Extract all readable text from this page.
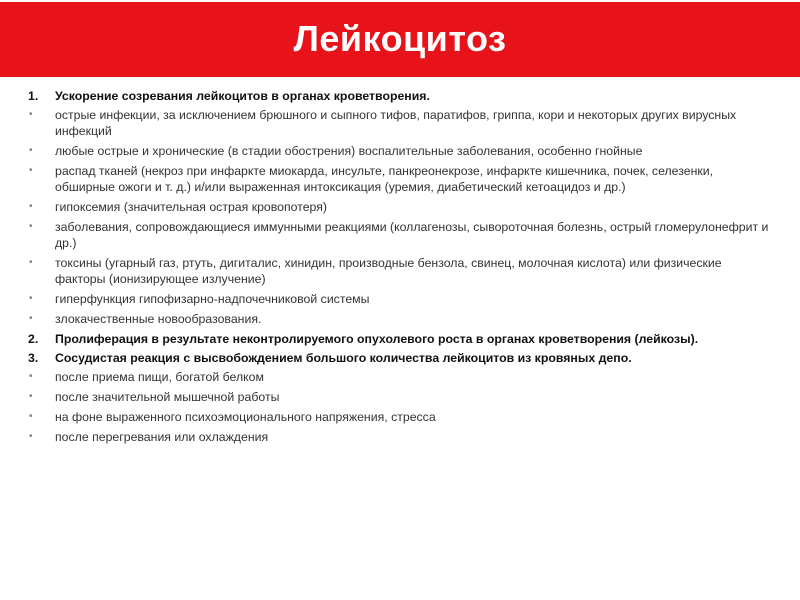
Лейкоцитоз
1.	Ускорение созревания лейкоцитов в органах кроветворения.
•	острые инфекции, за исключением брюшного и сыпного тифов, паратифов, гриппа, кори и некоторых других вирусных инфекций
•	любые острые и хронические (в стадии обострения) воспалительные заболевания, особенно гнойные
•	распад тканей (некроз при инфаркте миокарда, инсульте, панкреонекрозе, инфаркте кишечника, почек, селезенки, обширные ожоги и т. д.) и/или выраженная интоксикация (уремия, диабетический кетоацидоз и др.)
•	гипоксемия (значительная острая кровопотеря)
•	заболевания, сопровождающиеся иммунными реакциями (коллагенозы, сывороточная болезнь, острый гломерулонефрит и др.)
•	токсины (угарный газ, ртуть, дигиталис, хинидин, производные бензола, свинец, молочная кислота) или физические факторы (ионизирующее излучение)
•	гиперфункция гипофизарно-надпочечниковой системы
•	злокачественные новообразования.
2.	Пролиферация в результате неконтролируемого опухолевого роста в органах кроветворения (лейкозы).
3.	Сосудистая реакция с высвобождением большого количества лейкоцитов из кровяных депо.
•	после приема пищи, богатой белком
•	после значительной мышечной работы
•	на фоне выраженного психоэмоционального напряжения, стресса
•	после перегревания или охлаждения
